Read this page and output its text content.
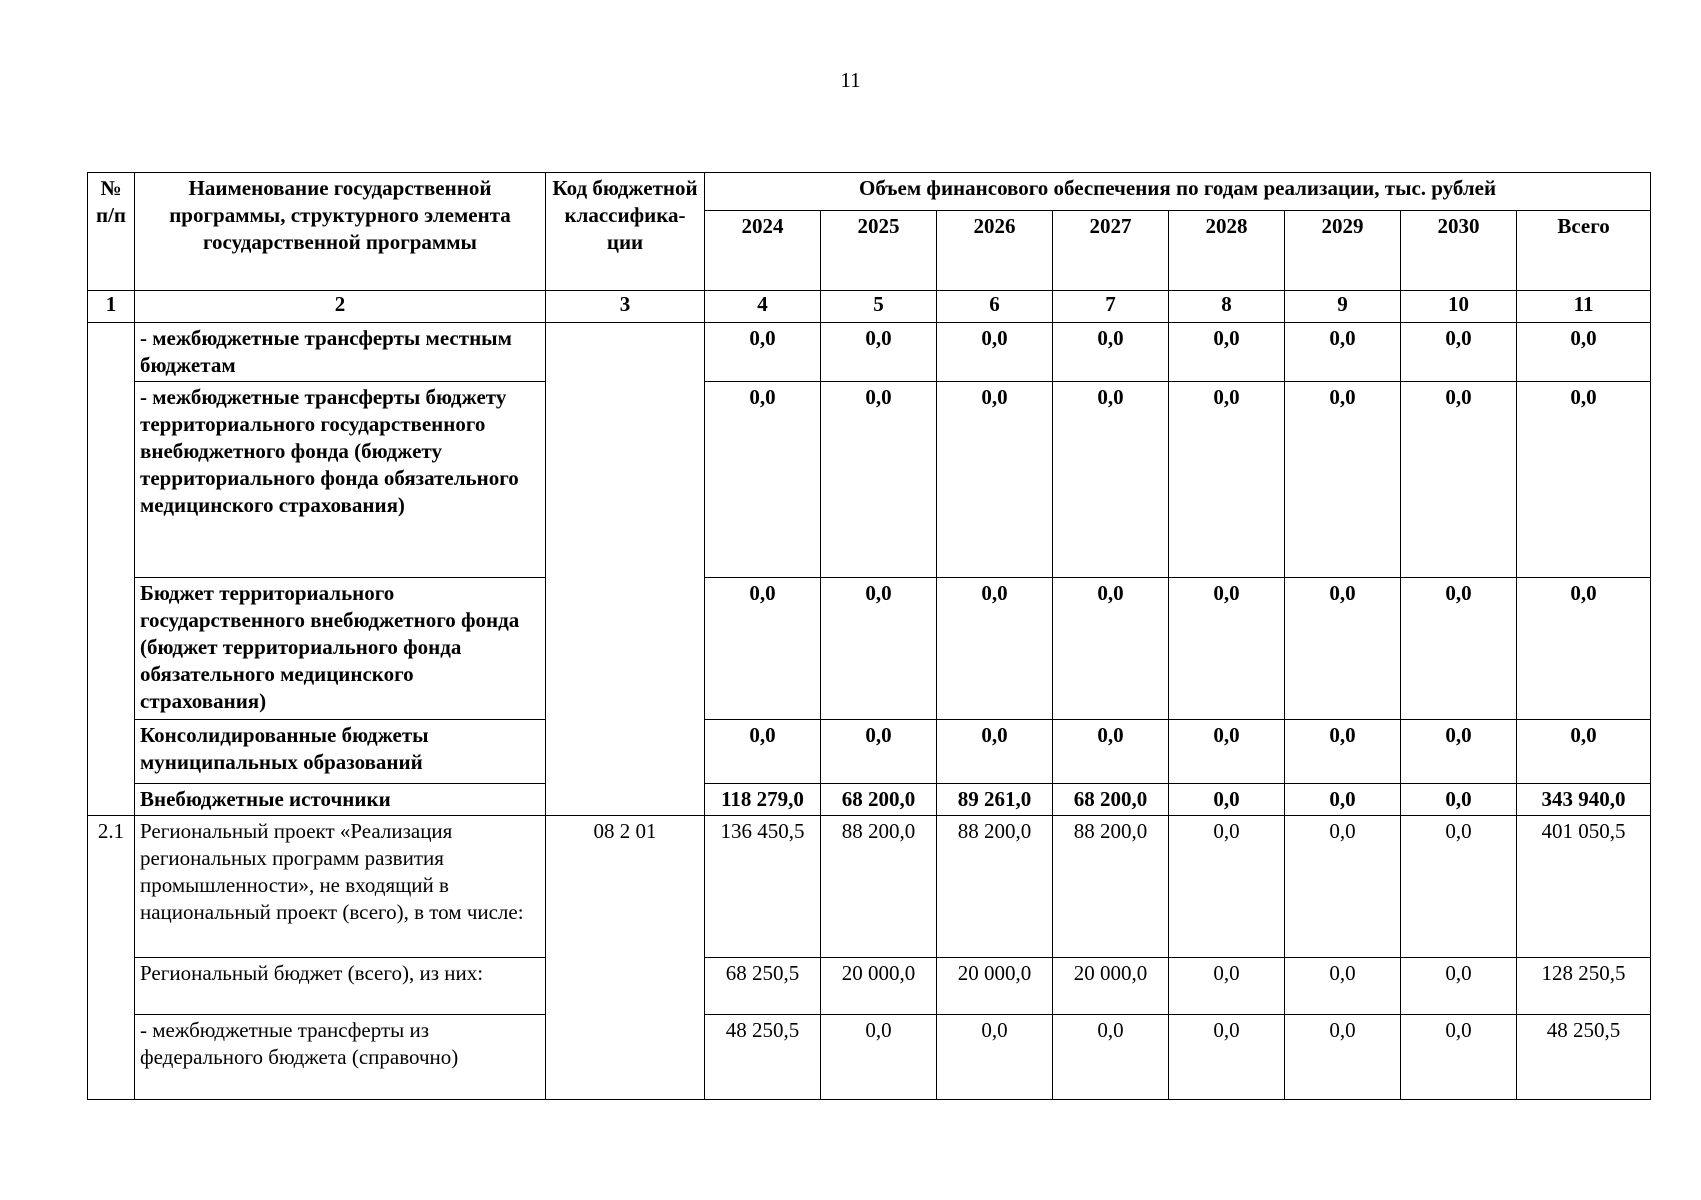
11
№ п/п	Наименование государственной программы, структурного элемента государственной программы	Код бюджетной классифика-ции	Объем финансового обеспечения по годам реализации, тыс. рублей							
			2024	2025	2026	2027	2028	2029	2030	Всего
1	2	3	4	5	6	7	8	9	10	11
	- межбюджетные трансферты местным бюджетам		0,0	0,0	0,0	0,0	0,0	0,0	0,0	0,0
	- межбюджетные трансферты бюджету территориального государственного внебюджетного фонда (бюджету территориального фонда обязательного медицинского страхования)		0,0	0,0	0,0	0,0	0,0	0,0	0,0	0,0
	Бюджет территориального государственного внебюджетного фонда (бюджет территориального фонда обязательного медицинского страхования)		0,0	0,0	0,0	0,0	0,0	0,0	0,0	0,0
	Консолидированные бюджеты муниципальных образований		0,0	0,0	0,0	0,0	0,0	0,0	0,0	0,0
	Внебюджетные источники		118 279,0	68 200,0	89 261,0	68 200,0	0,0	0,0	0,0	343 940,0
2.1	Региональный проект «Реализация региональных программ развития промышленности», не входящий в национальный проект (всего), в том числе:	08 2 01	136 450,5	88 200,0	88 200,0	88 200,0	0,0	0,0	0,0	401 050,5
	Региональный бюджет (всего), из них:		68 250,5	20 000,0	20 000,0	20 000,0	0,0	0,0	0,0	128 250,5
	- межбюджетные трансферты из федерального бюджета (справочно)		48 250,5	0,0	0,0	0,0	0,0	0,0	0,0	48 250,5
